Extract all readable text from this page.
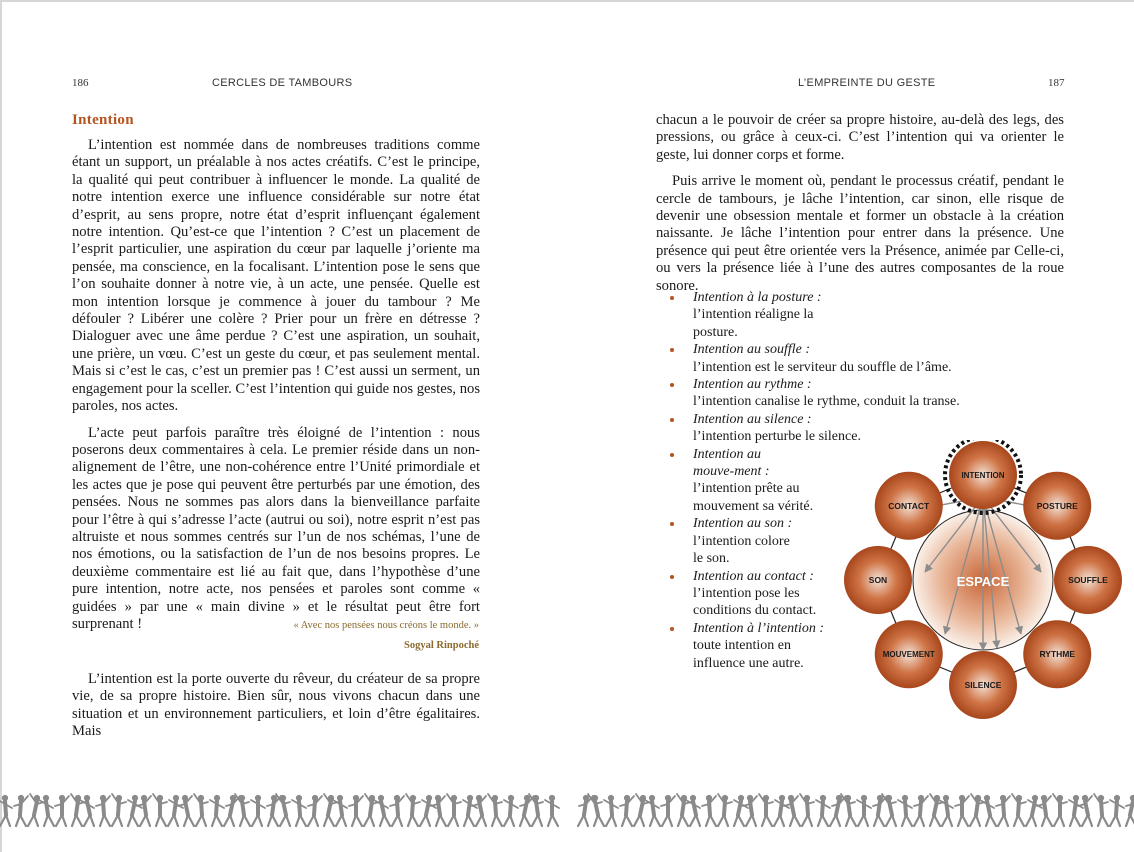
186	CERCLES DE TAMBOURS
Intention

L’intention est nommée dans de nombreuses traditions comme étant un support, un préalable à nos actes créatifs. C’est le principe, la qualité qui peut contribuer à influencer le monde. La qualité de notre intention exerce une influence considérable sur notre état d’esprit, au sens propre, notre état d’esprit influençant également notre intention. Qu’est-ce que l’intention ? C’est un placement de l’esprit particulier, une aspiration du cœur par laquelle j’oriente ma pensée, ma conscience, en la focalisant. L’intention pose le sens que l’on souhaite donner à notre vie, à un acte, une pensée. Quelle est mon intention lorsque je commence à jouer du tambour ? Me défouler ? Libérer une colère ? Prier pour un frère en détresse ? Dialoguer avec une âme perdue ? C’est une aspiration, un souhait, une prière, un vœu. C’est un geste du cœur, et pas seulement mental. Mais si c’est le cas, c’est un premier pas ! C’est aussi un serment, un engagement pour la sceller. C’est l’intention qui guide nos gestes, nos paroles, nos actes.

L’acte peut parfois paraître très éloigné de l’intention : nous poserons deux commentaires à cela. Le premier réside dans un non-alignement de l’être, une non-cohérence entre l’Unité primordiale et les actes que je pose qui peuvent être perturbés par une émotion, des pensées. Nous ne sommes pas alors dans la bienveillance parfaite pour l’être à qui s’adresse l’acte (autrui ou soi), notre esprit n’est pas altruiste et nous sommes centrés sur l’un de nos schémas, l’une de nos émotions, ou la satisfaction de l’un de nos besoins propres. Le deuxième commentaire est lié au fait que, dans l’hypothèse d’une pure intention, notre acte, nos pensées et paroles sont comme « guidées » par une « main divine » et le résultat peut être fort surprenant !	« Avec nos pensées nous créons le monde. »
Sogyal Rinpoché

L’intention est la porte ouverte du rêveur, du créateur de sa propre vie, de sa propre histoire. Bien sûr, nous vivons chacun dans une situation et un environnement particuliers, et loin d’être égalitaires. Mais

L’EMPREINTE DU GESTE	187

chacun a le pouvoir de créer sa propre histoire, au-delà des legs, des pressions, ou grâce à ceux-ci. C’est l’intention qui va orienter le geste, lui donner corps et forme.

Puis arrive le moment où, pendant le processus créatif, pendant le cercle de tambours, je lâche l’intention, car sinon, elle risque de devenir une obsession mentale et former un obstacle à la création naissante. Je lâche l’intention pour entrer dans la présence. Une présence qui peut être orientée vers la Présence, animée par Celle-ci, ou vers la présence liée à l’une des autres composantes de la roue sonore.

Intention à la posture :
l’intention réaligne la posture.
Intention au souffle :
l’intention est le serviteur du souffle de l’âme.
Intention au rythme :
l’intention canalise le rythme, conduit la transe.
Intention au silence :
l’intention perturbe le silence.
Intention au mouve-ment :
l’intention prête au mouvement sa vérité.
Intention au son :
l’intention colore le son.
Intention au contact :
l’intention pose les conditions du contact.
Intention à l’intention :
toute intention en influence une autre.
ESPACE
INTENTION
POSTURE
SOUFFLE
RYTHME
SILENCE
MOUVEMENT
SON
CONTACT
